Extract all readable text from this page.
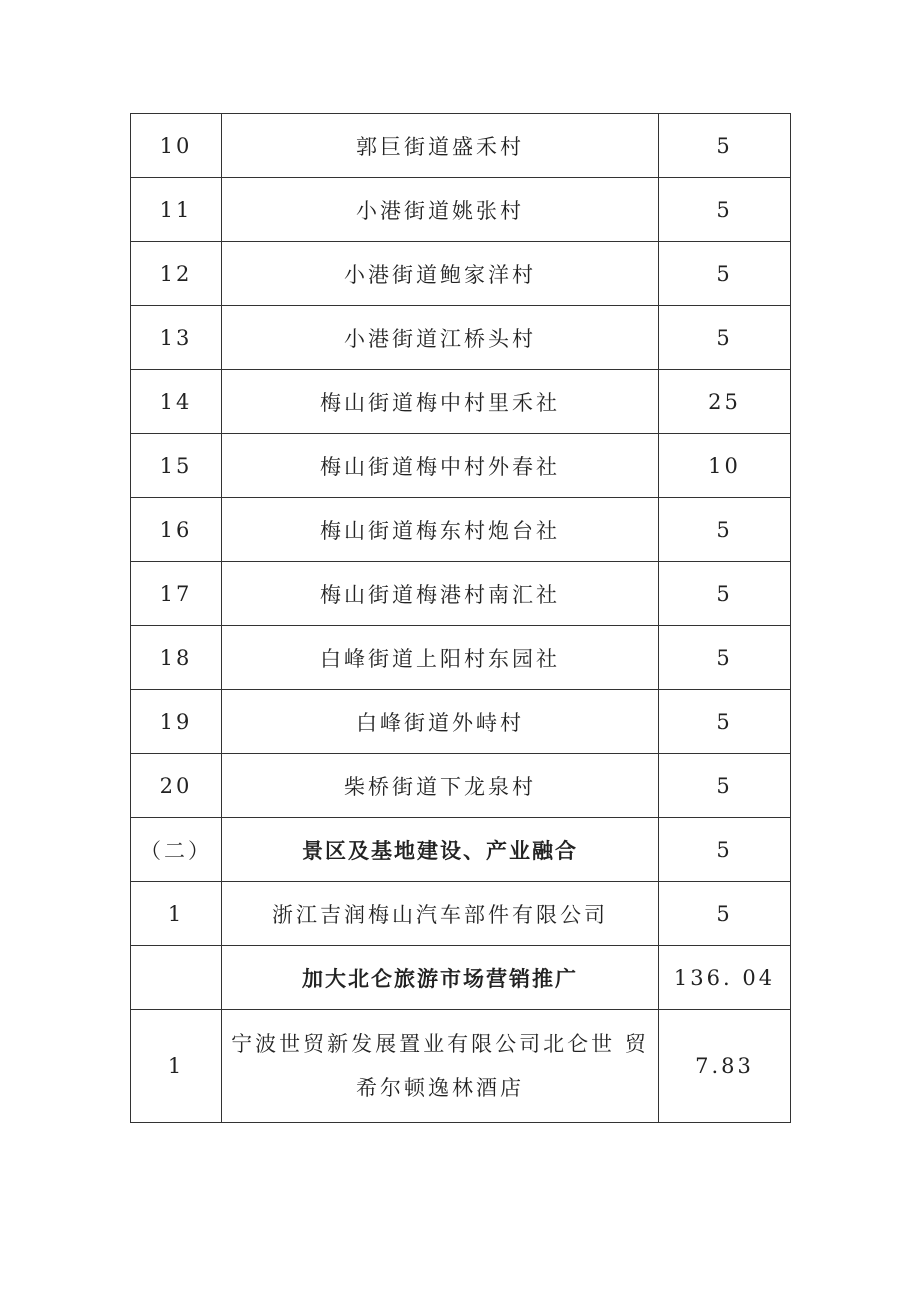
10	郭巨街道盛禾村	5
11	小港街道姚张村	5
12	小港街道鲍家洋村	5
13	小港街道江桥头村	5
14	梅山街道梅中村里禾社	25
15	梅山街道梅中村外春社	10
16	梅山街道梅东村炮台社	5
17	梅山街道梅港村南汇社	5
18	白峰街道上阳村东园社	5
19	白峰街道外峙村	5
20	柴桥街道下龙泉村	5
（二）	景区及基地建设、产业融合	5
1	浙江吉润梅山汽车部件有限公司	5
	加大北仑旅游市场营销推广	136. 04
1	宁波世贸新发展置业有限公司北仑世 贸希尔顿逸林酒店	7.83
